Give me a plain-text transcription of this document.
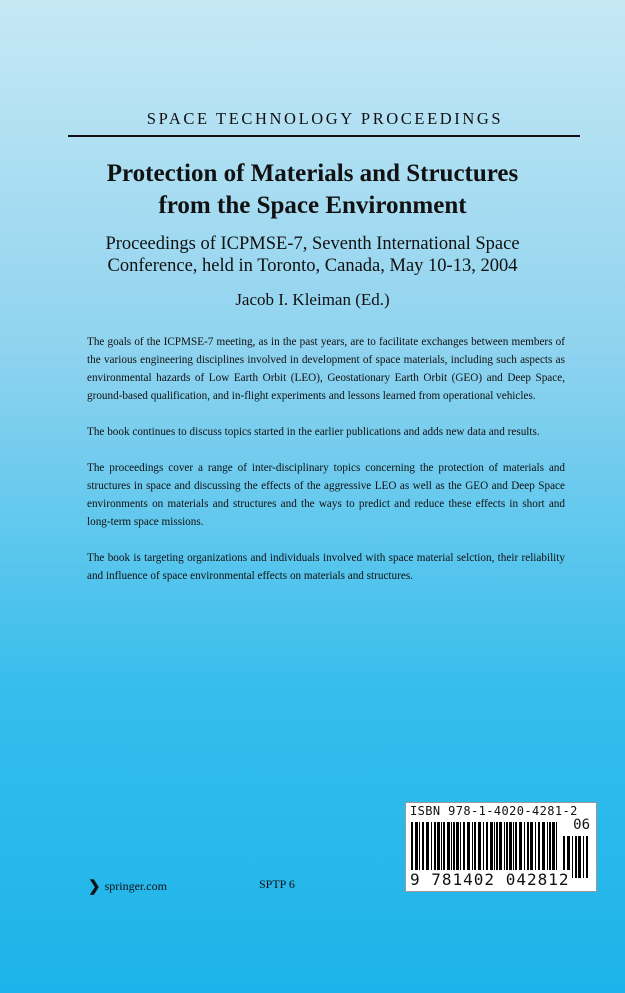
SPACE TECHNOLOGY PROCEEDINGS
Protection of Materials and Structures
from the Space Environment
Proceedings of ICPMSE-7, Seventh International Space
Conference, held in Toronto, Canada, May 10-13, 2004
Jacob I. Kleiman (Ed.)

The goals of the ICPMSE-7 meeting, as in the past years, are to facilitate exchanges between members of the various engineering disciplines involved in development of space materials, including such aspects as environmental hazards of Low Earth Orbit (LEO), Geostationary Earth Orbit (GEO) and Deep Space, ground-based qualification, and in-flight experiments and lessons learned from operational vehicles.

The book continues to discuss topics started in the earlier publications and adds new data and results.

The proceedings cover a range of inter-disciplinary topics concerning the protection of materials and structures in space and discussing the effects of the aggressive LEO as well as the GEO and Deep Space environments on materials and structures and the ways to predict and reduce these effects in short and long-term space missions.

The book is targeting organizations and individuals involved with space material selction, their reliability and influence of space environmental effects on materials and structures.

ISBN 978-1-4020-4281-2
06
9 781402 042812
❯ springer.com	SPTP 6
